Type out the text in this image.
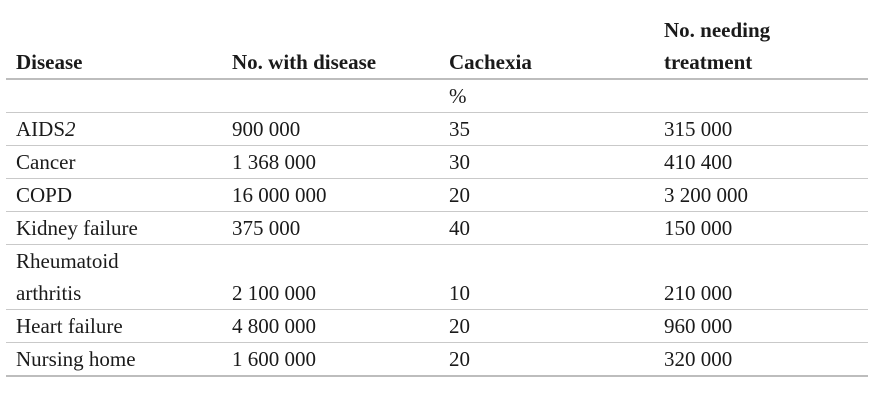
Disease	No. with disease	Cachexia	No. needing treatment

		%	
AIDS2	900 000	35	315 000
Cancer	1 368 000	30	410 400
COPD	16 000 000	20	3 200 000
Kidney failure	375 000	40	150 000

Rheumatoid arthritis	2 100 000	10	210 000
Heart failure	4 800 000	20	960 000
Nursing home	1 600 000	20	320 000
